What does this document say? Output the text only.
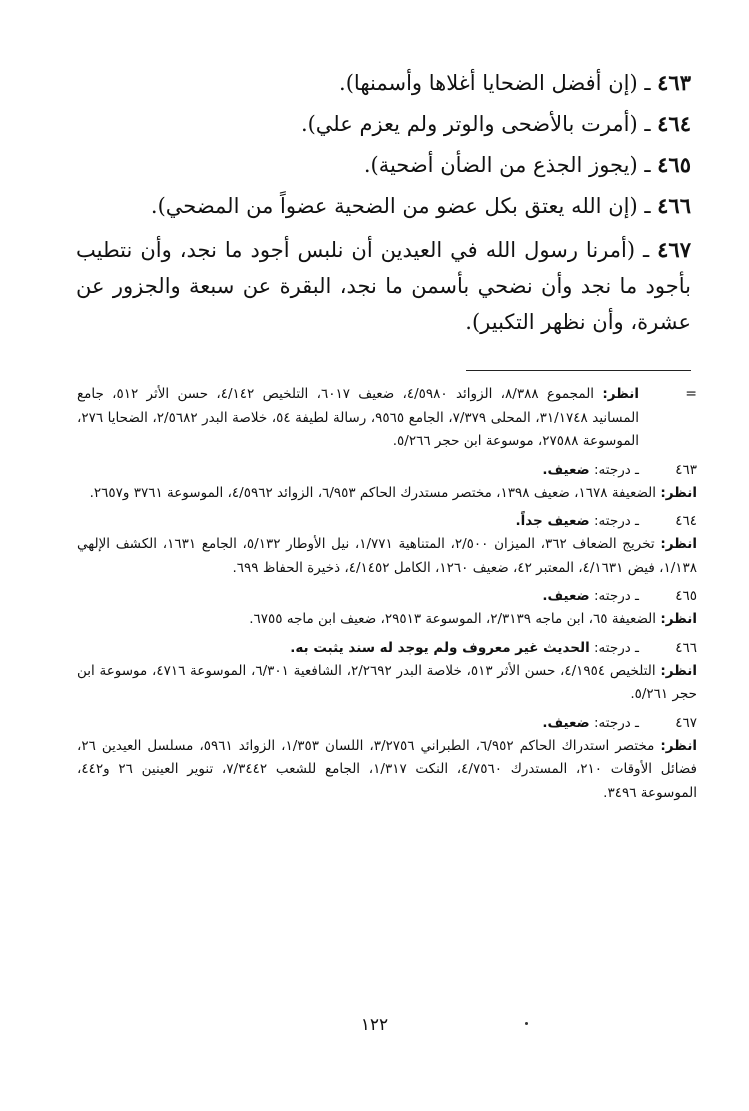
٤٦٣ ـ (إن أفضل الضحايا أغلاها وأسمنها).

٤٦٤ ـ (أمرت بالأضحى والوتر ولم يعزم علي).

٤٦٥ ـ (يجوز الجذع من الضأن أضحية).

٤٦٦ ـ (إن الله يعتق بكل عضو من الضحية عضواً من المضحي).

٤٦٧ ـ (أمرنا رسول الله في العيدين أن نلبس أجود ما نجد، وأن نتطيب بأجود ما نجد وأن نضحي بأسمن ما نجد، البقرة عن سبعة والجزور عن عشرة، وأن نظهر التكبير).

=
انظر: المجموع ٨/٣٨٨، الزوائد ٤/٥٩٨٠، ضعيف ٦٠١٧، التلخيص ٤/١٤٢، حسن الأثر ٥١٢، جامع المسانيد ٣١/١٧٤٨، المحلى ٧/٣٧٩، الجامع ٩٥٦٥، رسالة لطيفة ٥٤، خلاصة البدر ٢/٥٦٨٢، الضحايا ٢٧٦، الموسوعة ٢٧٥٨٨، موسوعة ابن حجر ٥/٢٦٦.
٤٦٣
ـ درجته: ضعيف.
انظر: الضعيفة ١٦٧٨، ضعيف ١٣٩٨، مختصر مستدرك الحاكم ٦/٩٥٣، الزوائد ٤/٥٩٦٢، الموسوعة ٣٧٦١ و٢٦٥٧.
٤٦٤
ـ درجته: ضعيف جداً.
انظر: تخريج الضعاف ٣٦٢، الميزان ٢/٥٠٠، المتناهية ١/٧٧١، نيل الأوطار ٥/١٣٢، الجامع ١٦٣١، الكشف الإلهي ١/١٣٨، فيض ٤/١٦٣١، المعتبر ٤٢، ضعيف ١٢٦٠، الكامل ٤/١٤٥٢، ذخيرة الحفاظ ٦٩٩.
٤٦٥
ـ درجته: ضعيف.
انظر: الضعيفة ٦٥، ابن ماجه ٢/٣١٣٩، الموسوعة ٢٩٥١٣، ضعيف ابن ماجه ٦٧٥٥.
٤٦٦
ـ درجته: الحديث غير معروف ولم يوجد له سند يثبت به.
انظر: التلخيص ٤/١٩٥٤، حسن الأثر ٥١٣، خلاصة البدر ٢/٢٦٩٢، الشافعية ٦/٣٠١، الموسوعة ٤٧١٦، موسوعة ابن حجر ٥/٢٦١.
٤٦٧
ـ درجته: ضعيف.
انظر: مختصر استدراك الحاكم ٦/٩٥٢، الطبراني ٣/٢٧٥٦، اللسان ١/٣٥٣، الزوائد ٥٩٦١، مسلسل العيدين ٢٦، فضائل الأوقات ٢١٠، المستدرك ٤/٧٥٦٠، النكت ١/٣١٧، الجامع للشعب ٧/٣٤٤٢، تنوير العينين ٢٦ و٤٤٢، الموسوعة ٣٤٩٦.
١٢٢
